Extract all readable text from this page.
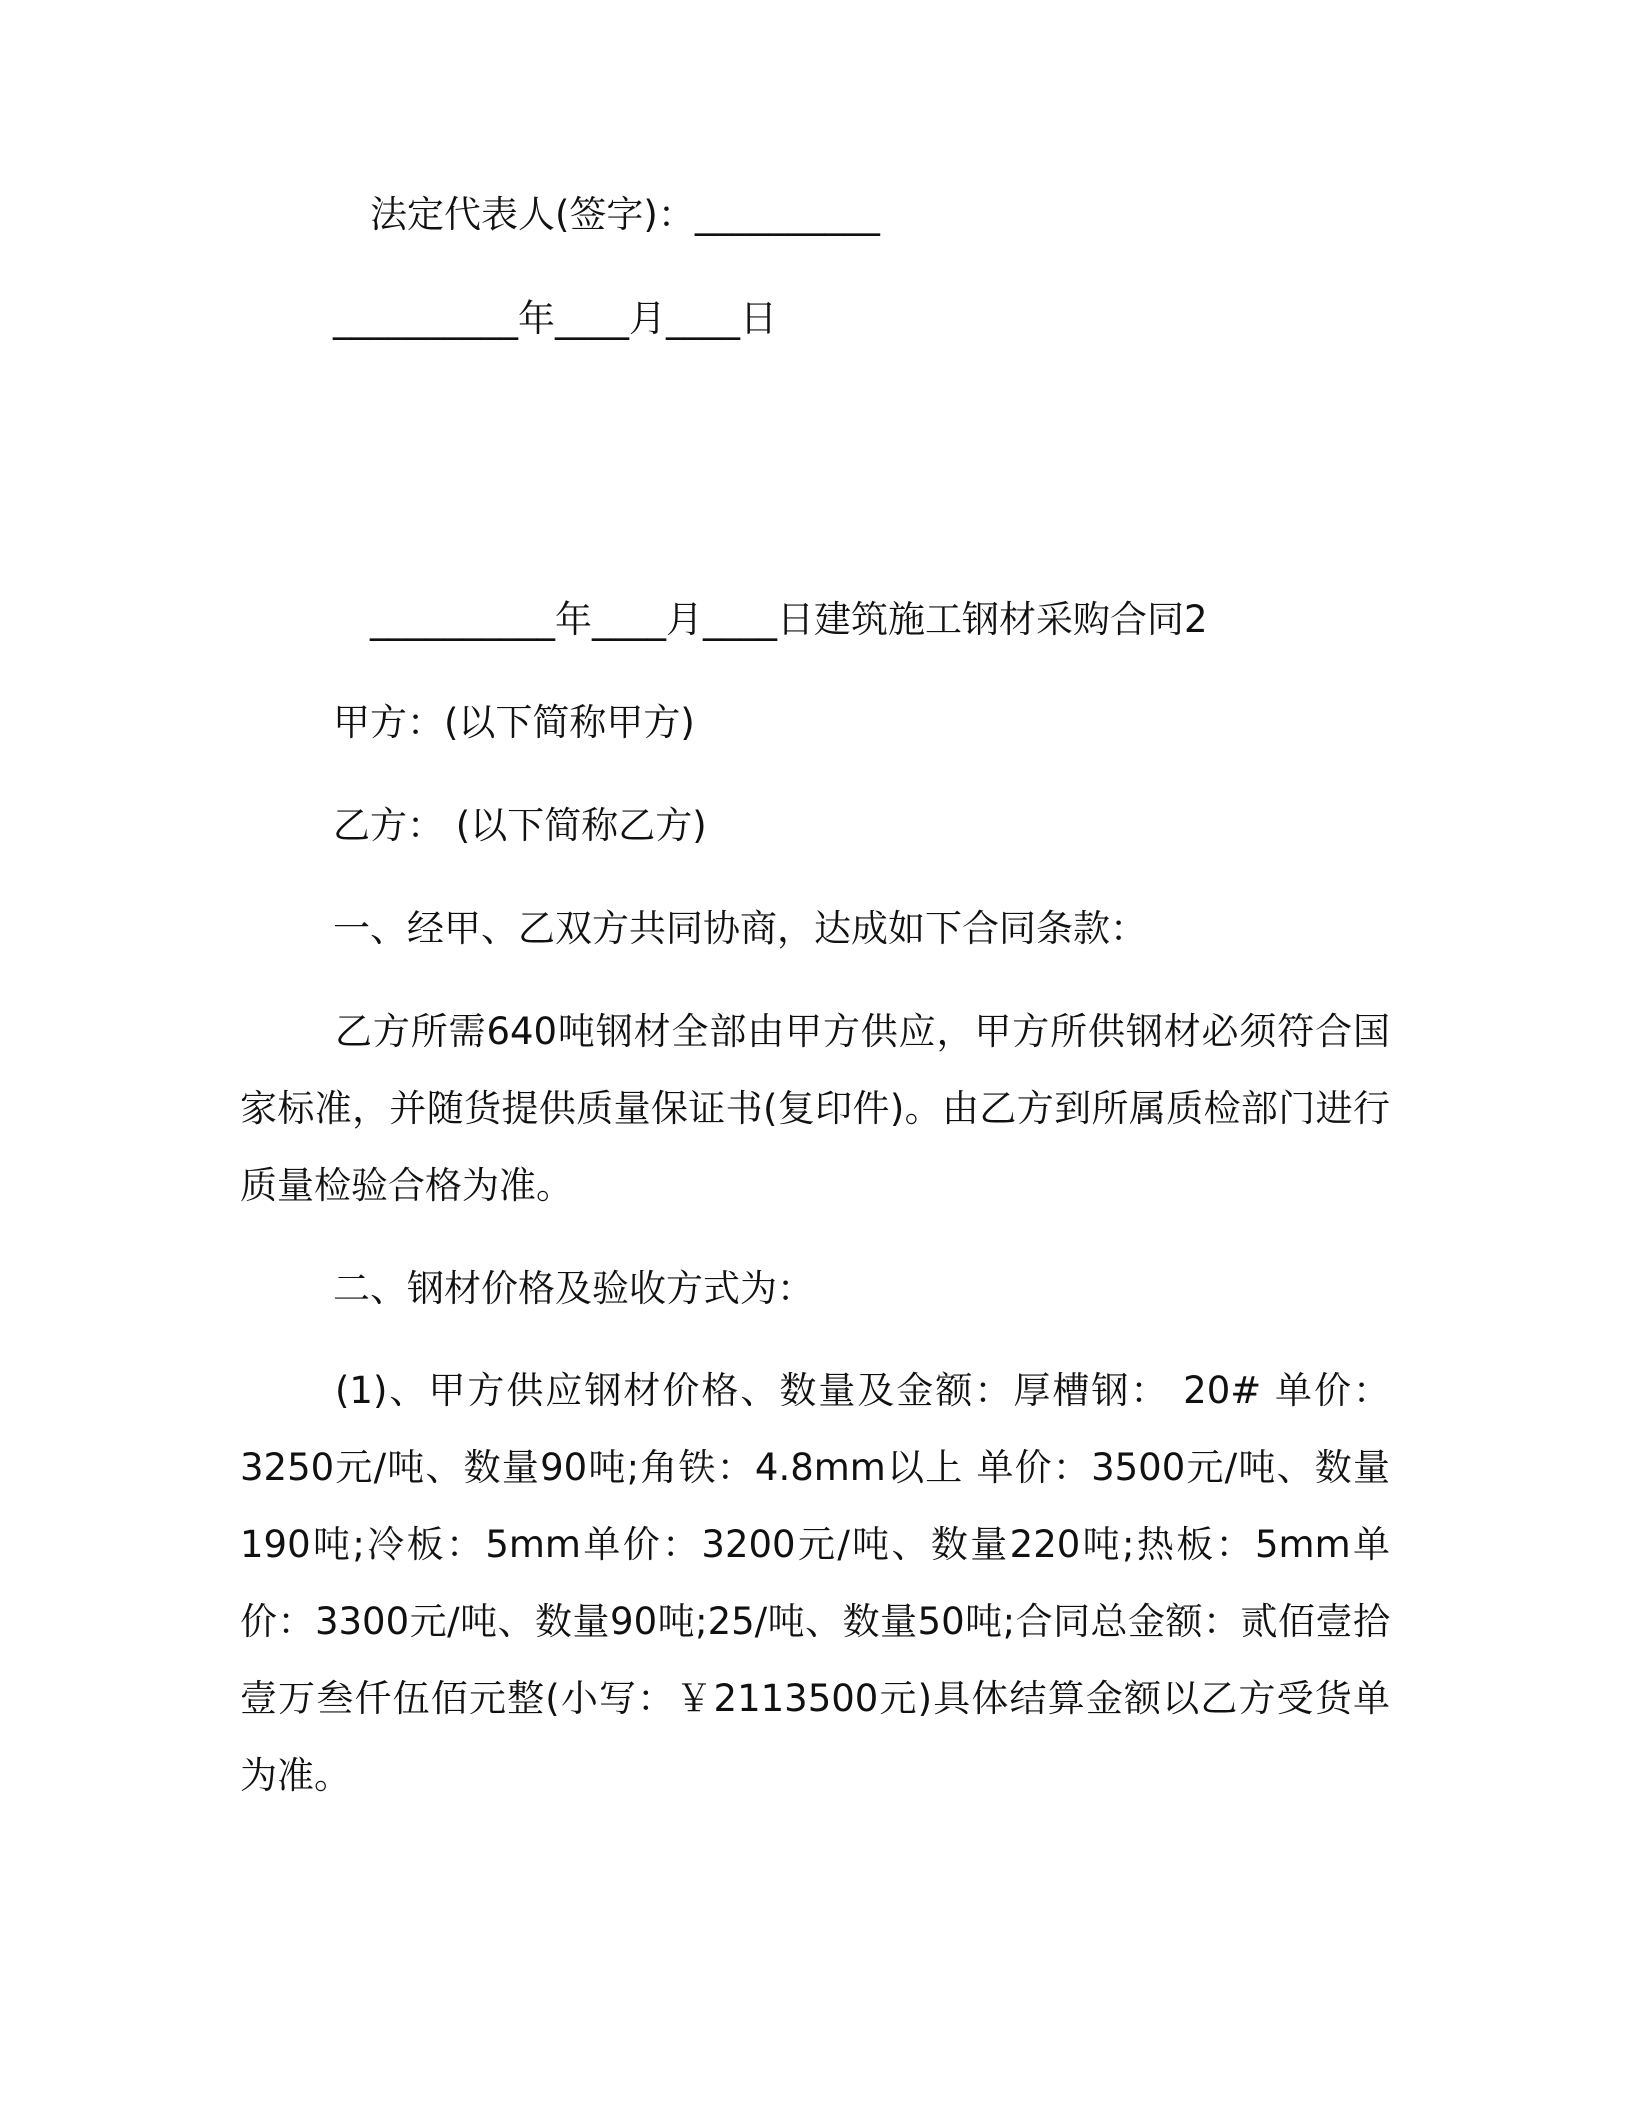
法定代表人(签字)：__________
__________年____月____日
__________年____月____日建筑施工钢材采购合同2
甲方：(以下简称甲方)
乙方： (以下简称乙方)
一、经甲、乙双方共同协商，达成如下合同条款：

乙方所需640吨钢材全部由甲方供应，甲方所供钢材必须符合国家标准，并随货提供质量保证书(复印件)。由乙方到所属质检部门进行质量检验合格为准。

二、钢材价格及验收方式为：

(1)、甲方供应钢材价格、数量及金额：厚槽钢： 20# 单价：3250元/吨、数量90吨;角铁：4.8mm以上 单价：3500元/吨、数量190吨;冷板：5mm单价：3200元/吨、数量220吨;热板：5mm单价：3300元/吨、数量90吨;25/吨、数量50吨;合同总金额：贰佰壹拾壹万叁仟伍佰元整(小写：￥2113500元)具体结算金额以乙方受货单为准。
